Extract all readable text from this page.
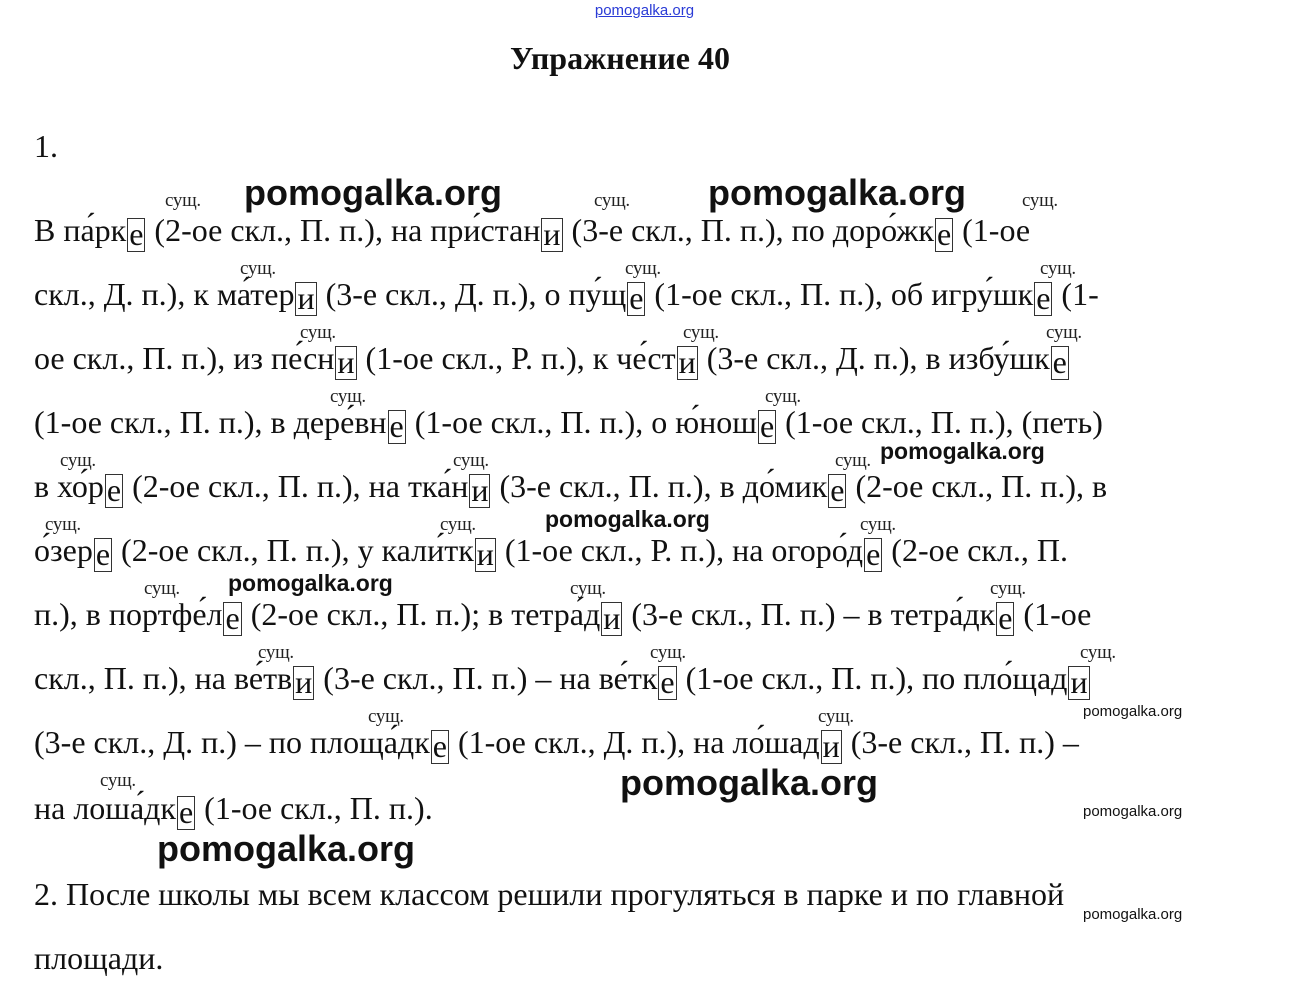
pomogalka.org
Упражнение 40
1.
В па́рке (2-ое скл., П. п.), на при́стани (3-е скл., П. п.), по доро́жке (1-ое
скл., Д. п.), к ма́тери (3-е скл., Д. п.), о пу́ще (1-ое скл., П. п.), об игру́шке (1-
ое скл., П. п.), из пе́сни (1-ое скл., Р. п.), к че́сти (3-е скл., Д. п.), в избу́шке
(1-ое скл., П. п.), в дере́вне (1-ое скл., П. п.), о ю́ноше (1-ое скл., П. п.), (петь)
в хо́ре (2-ое скл., П. п.), на тка́ни (3-е скл., П. п.), в до́мике (2-ое скл., П. п.), в
о́зере (2-ое скл., П. п.), у кали́тки (1-ое скл., Р. п.), на огоро́де (2-ое скл., П.
п.), в портфе́ле (2-ое скл., П. п.); в тетра́ди (3-е скл., П. п.) – в тетра́дке (1-ое
скл., П. п.), на ве́тви (3-е скл., П. п.) – на ве́тке (1-ое скл., П. п.), по пло́щади
(3-е скл., Д. п.) – по площа́дке (1-ое скл., Д. п.), на ло́шади (3-е скл., П. п.) –
на лоша́дке (1-ое скл., П. п.).
сущ.	сущ.	сущ.
сущ.	сущ.	сущ.
сущ.	сущ.	сущ.
сущ.	сущ.
сущ.	сущ.	сущ.
сущ.	сущ.	сущ.
сущ.	сущ.	сущ.
сущ.	сущ.	сущ.
сущ.	сущ.
сущ.
2. После школы мы всем классом решили прогуляться в парке и по главной
площади.
pomogalka.org	pomogalka.org
pomogalka.org
pomogalka.org
pomogalka.org
pomogalka.org
pomogalka.org
pomogalka.org
pomogalka.org
pomogalka.org
